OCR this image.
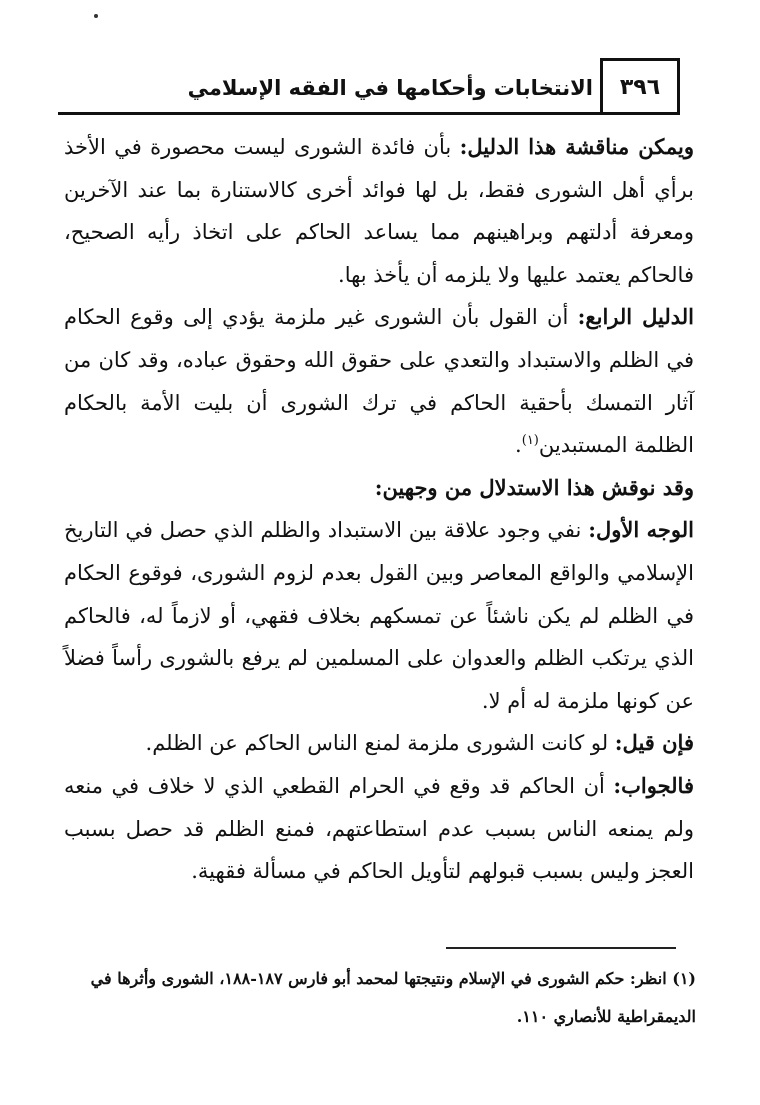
الانتخابات وأحكامها في الفقه الإسلامي	٣٩٦

ويمكن مناقشة هذا الدليل: بأن فائدة الشورى ليست محصورة في الأخذ برأي أهل الشورى فقط، بل لها فوائد أخرى كالاستنارة بما عند الآخرين ومعرفة أدلتهم وبراهينهم مما يساعد الحاكم على اتخاذ رأيه الصحيح، فالحاكم يعتمد عليها ولا يلزمه أن يأخذ بها.

الدليل الرابع: أن القول بأن الشورى غير ملزمة يؤدي إلى وقوع الحكام في الظلم والاستبداد والتعدي على حقوق الله وحقوق عباده، وقد كان من آثار التمسك بأحقية الحاكم في ترك الشورى أن بليت الأمة بالحكام الظلمة المستبدين$^{(١)}$.

وقد نوقش هذا الاستدلال من وجهين:

الوجه الأول: نفي وجود علاقة بين الاستبداد والظلم الذي حصل في التاريخ الإسلامي والواقع المعاصر وبين القول بعدم لزوم الشورى، فوقوع الحكام في الظلم لم يكن ناشئاً عن تمسكهم بخلاف فقهي، أو لازماً له، فالحاكم الذي يرتكب الظلم والعدوان على المسلمين لم يرفع بالشورى رأساً فضلاً عن كونها ملزمة له أم لا.

فإن قيل: لو كانت الشورى ملزمة لمنع الناس الحاكم عن الظلم.

فالجواب: أن الحاكم قد وقع في الحرام القطعي الذي لا خلاف في منعه ولم يمنعه الناس بسبب عدم استطاعتهم، فمنع الظلم قد حصل بسبب العجز وليس بسبب قبولهم لتأويل الحاكم في مسألة فقهية.

(١) انظر: حكم الشورى في الإسلام ونتيجتها لمحمد أبو فارس ١٨٧-١٨٨، الشورى وأثرها في الديمقراطية للأنصاري ١١٠.
